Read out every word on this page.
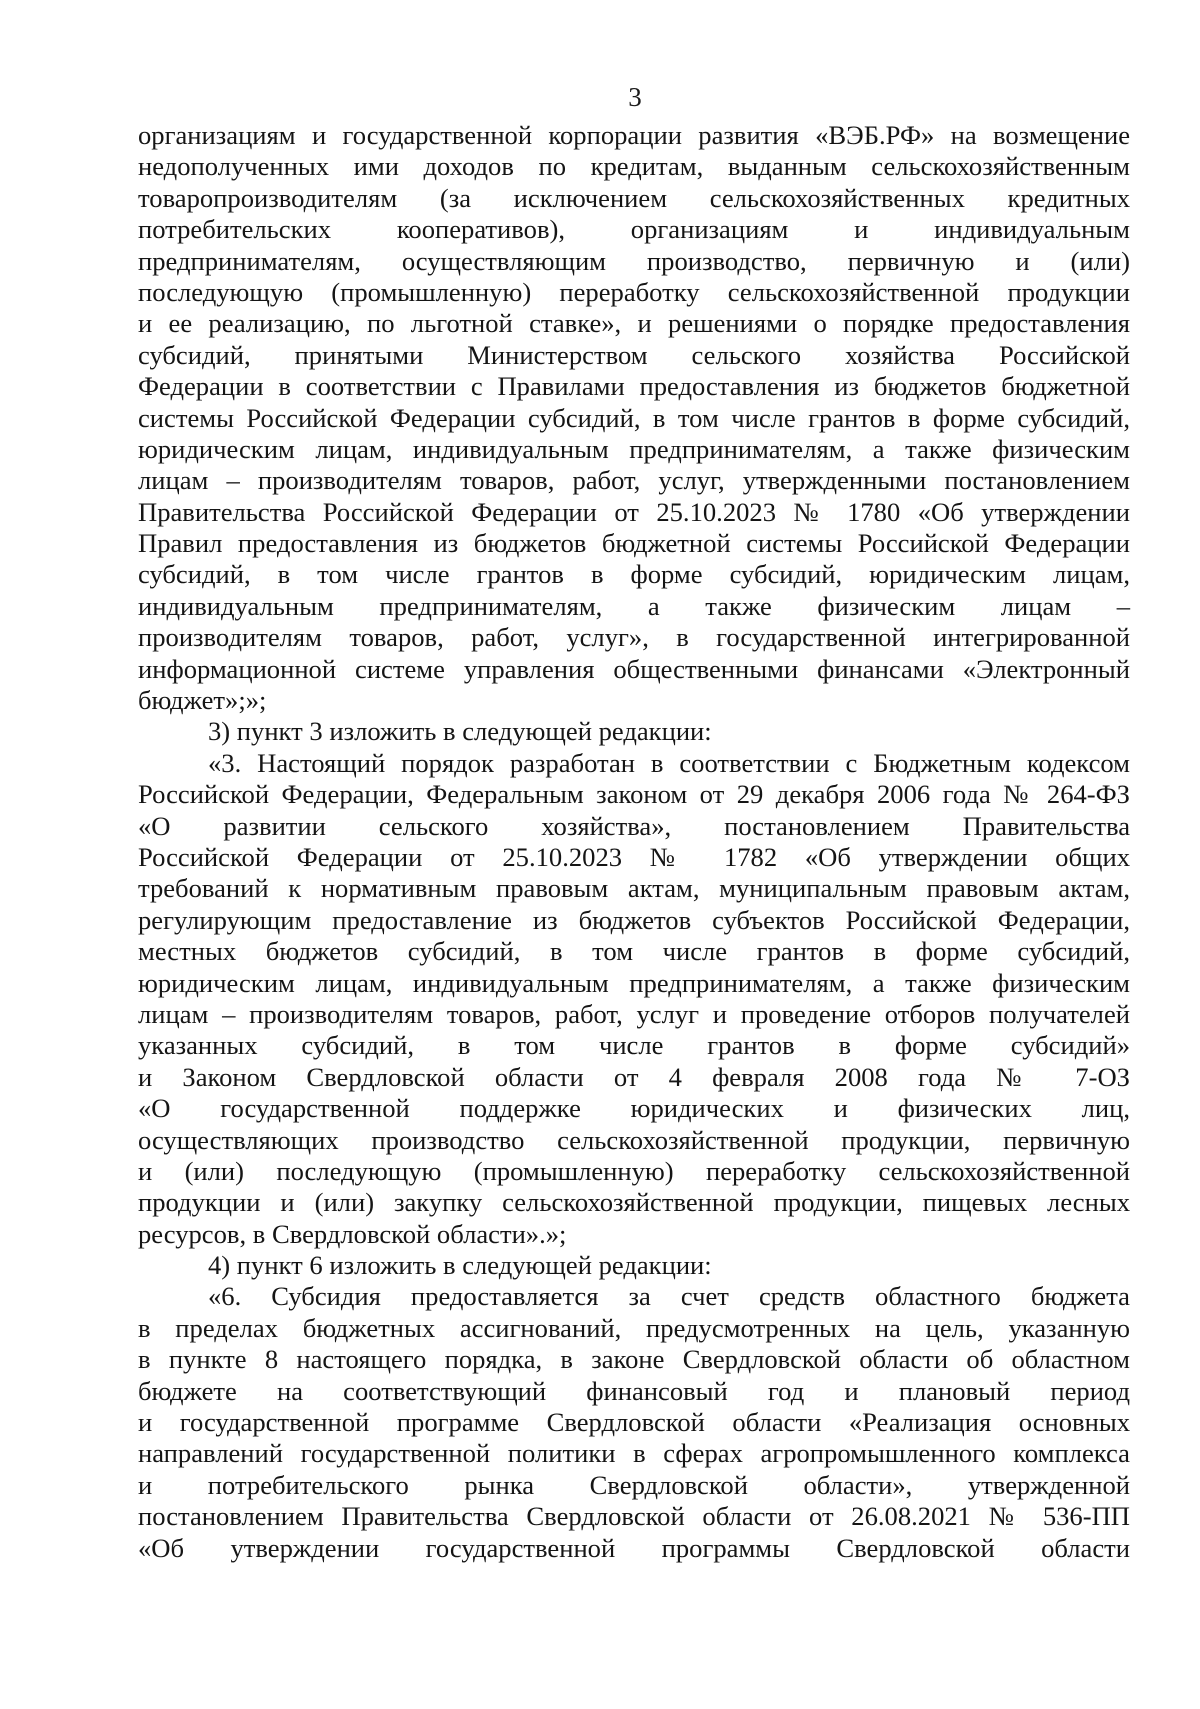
3
организациям и государственной корпорации развития «ВЭБ.РФ» на возмещение
недополученных ими доходов по кредитам, выданным сельскохозяйственным
товаропроизводителям (за исключением сельскохозяйственных кредитных
потребительских кооперативов), организациям и индивидуальным
предпринимателям, осуществляющим производство, первичную и (или)
последующую (промышленную) переработку сельскохозяйственной продукции
и ее реализацию, по льготной ставке», и решениями о порядке предоставления
субсидий, принятыми Министерством сельского хозяйства Российской
Федерации в соответствии с Правилами предоставления из бюджетов бюджетной
системы Российской Федерации субсидий, в том числе грантов в форме субсидий,
юридическим лицам, индивидуальным предпринимателям, а также физическим
лицам – производителям товаров, работ, услуг, утвержденными постановлением
Правительства Российской Федерации от 25.10.2023 № 1780 «Об утверждении
Правил предоставления из бюджетов бюджетной системы Российской Федерации
субсидий, в том числе грантов в форме субсидий, юридическим лицам,
индивидуальным предпринимателям, а также физическим лицам –
производителям товаров, работ, услуг», в государственной интегрированной
информационной системе управления общественными финансами «Электронный
бюджет»;»;
3) пункт 3 изложить в следующей редакции:
«3. Настоящий порядок разработан в соответствии с Бюджетным кодексом
Российской Федерации, Федеральным законом от 29 декабря 2006 года № 264-ФЗ
«О развитии сельского хозяйства», постановлением Правительства
Российской Федерации от 25.10.2023 № 1782 «Об утверждении общих
требований к нормативным правовым актам, муниципальным правовым актам,
регулирующим предоставление из бюджетов субъектов Российской Федерации,
местных бюджетов субсидий, в том числе грантов в форме субсидий,
юридическим лицам, индивидуальным предпринимателям, а также физическим
лицам – производителям товаров, работ, услуг и проведение отборов получателей
указанных субсидий, в том числе грантов в форме субсидий»
и Законом Свердловской области от 4 февраля 2008 года № 7-ОЗ
«О государственной поддержке юридических и физических лиц,
осуществляющих производство сельскохозяйственной продукции, первичную
и (или) последующую (промышленную) переработку сельскохозяйственной
продукции и (или) закупку сельскохозяйственной продукции, пищевых лесных
ресурсов, в Свердловской области».»;
4) пункт 6 изложить в следующей редакции:
«6. Субсидия предоставляется за счет средств областного бюджета
в пределах бюджетных ассигнований, предусмотренных на цель, указанную
в пункте 8 настоящего порядка, в законе Свердловской области об областном
бюджете на соответствующий финансовый год и плановый период
и государственной программе Свердловской области «Реализация основных
направлений государственной политики в сферах агропромышленного комплекса
и потребительского рынка Свердловской области», утвержденной
постановлением Правительства Свердловской области от 26.08.2021 № 536-ПП
«Об утверждении государственной программы Свердловской области
